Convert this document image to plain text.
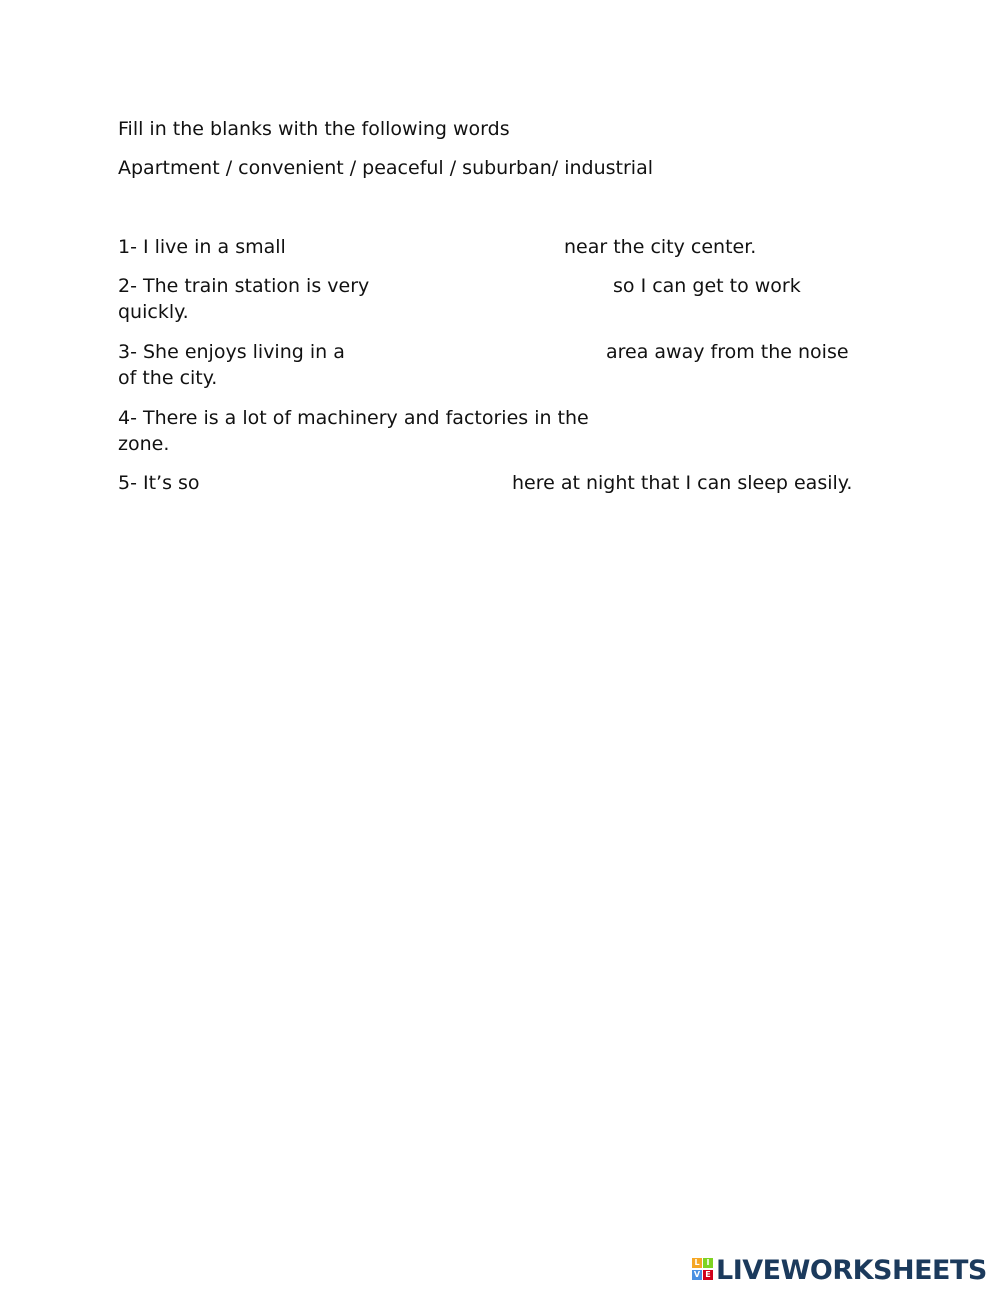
Fill in the blanks with the following words
Apartment / convenient / peaceful / suburban/ industrial
1- I live in a small	near the city center.
2- The train station is very	so I can get to work
quickly.
3- She enjoys living in a	area away from the noise
of the city.
4- There is a lot of machinery and factories in the
zone.
5- It’s so	here at night that I can sleep easily.
L I
V E LIVEWORKSHEETS
